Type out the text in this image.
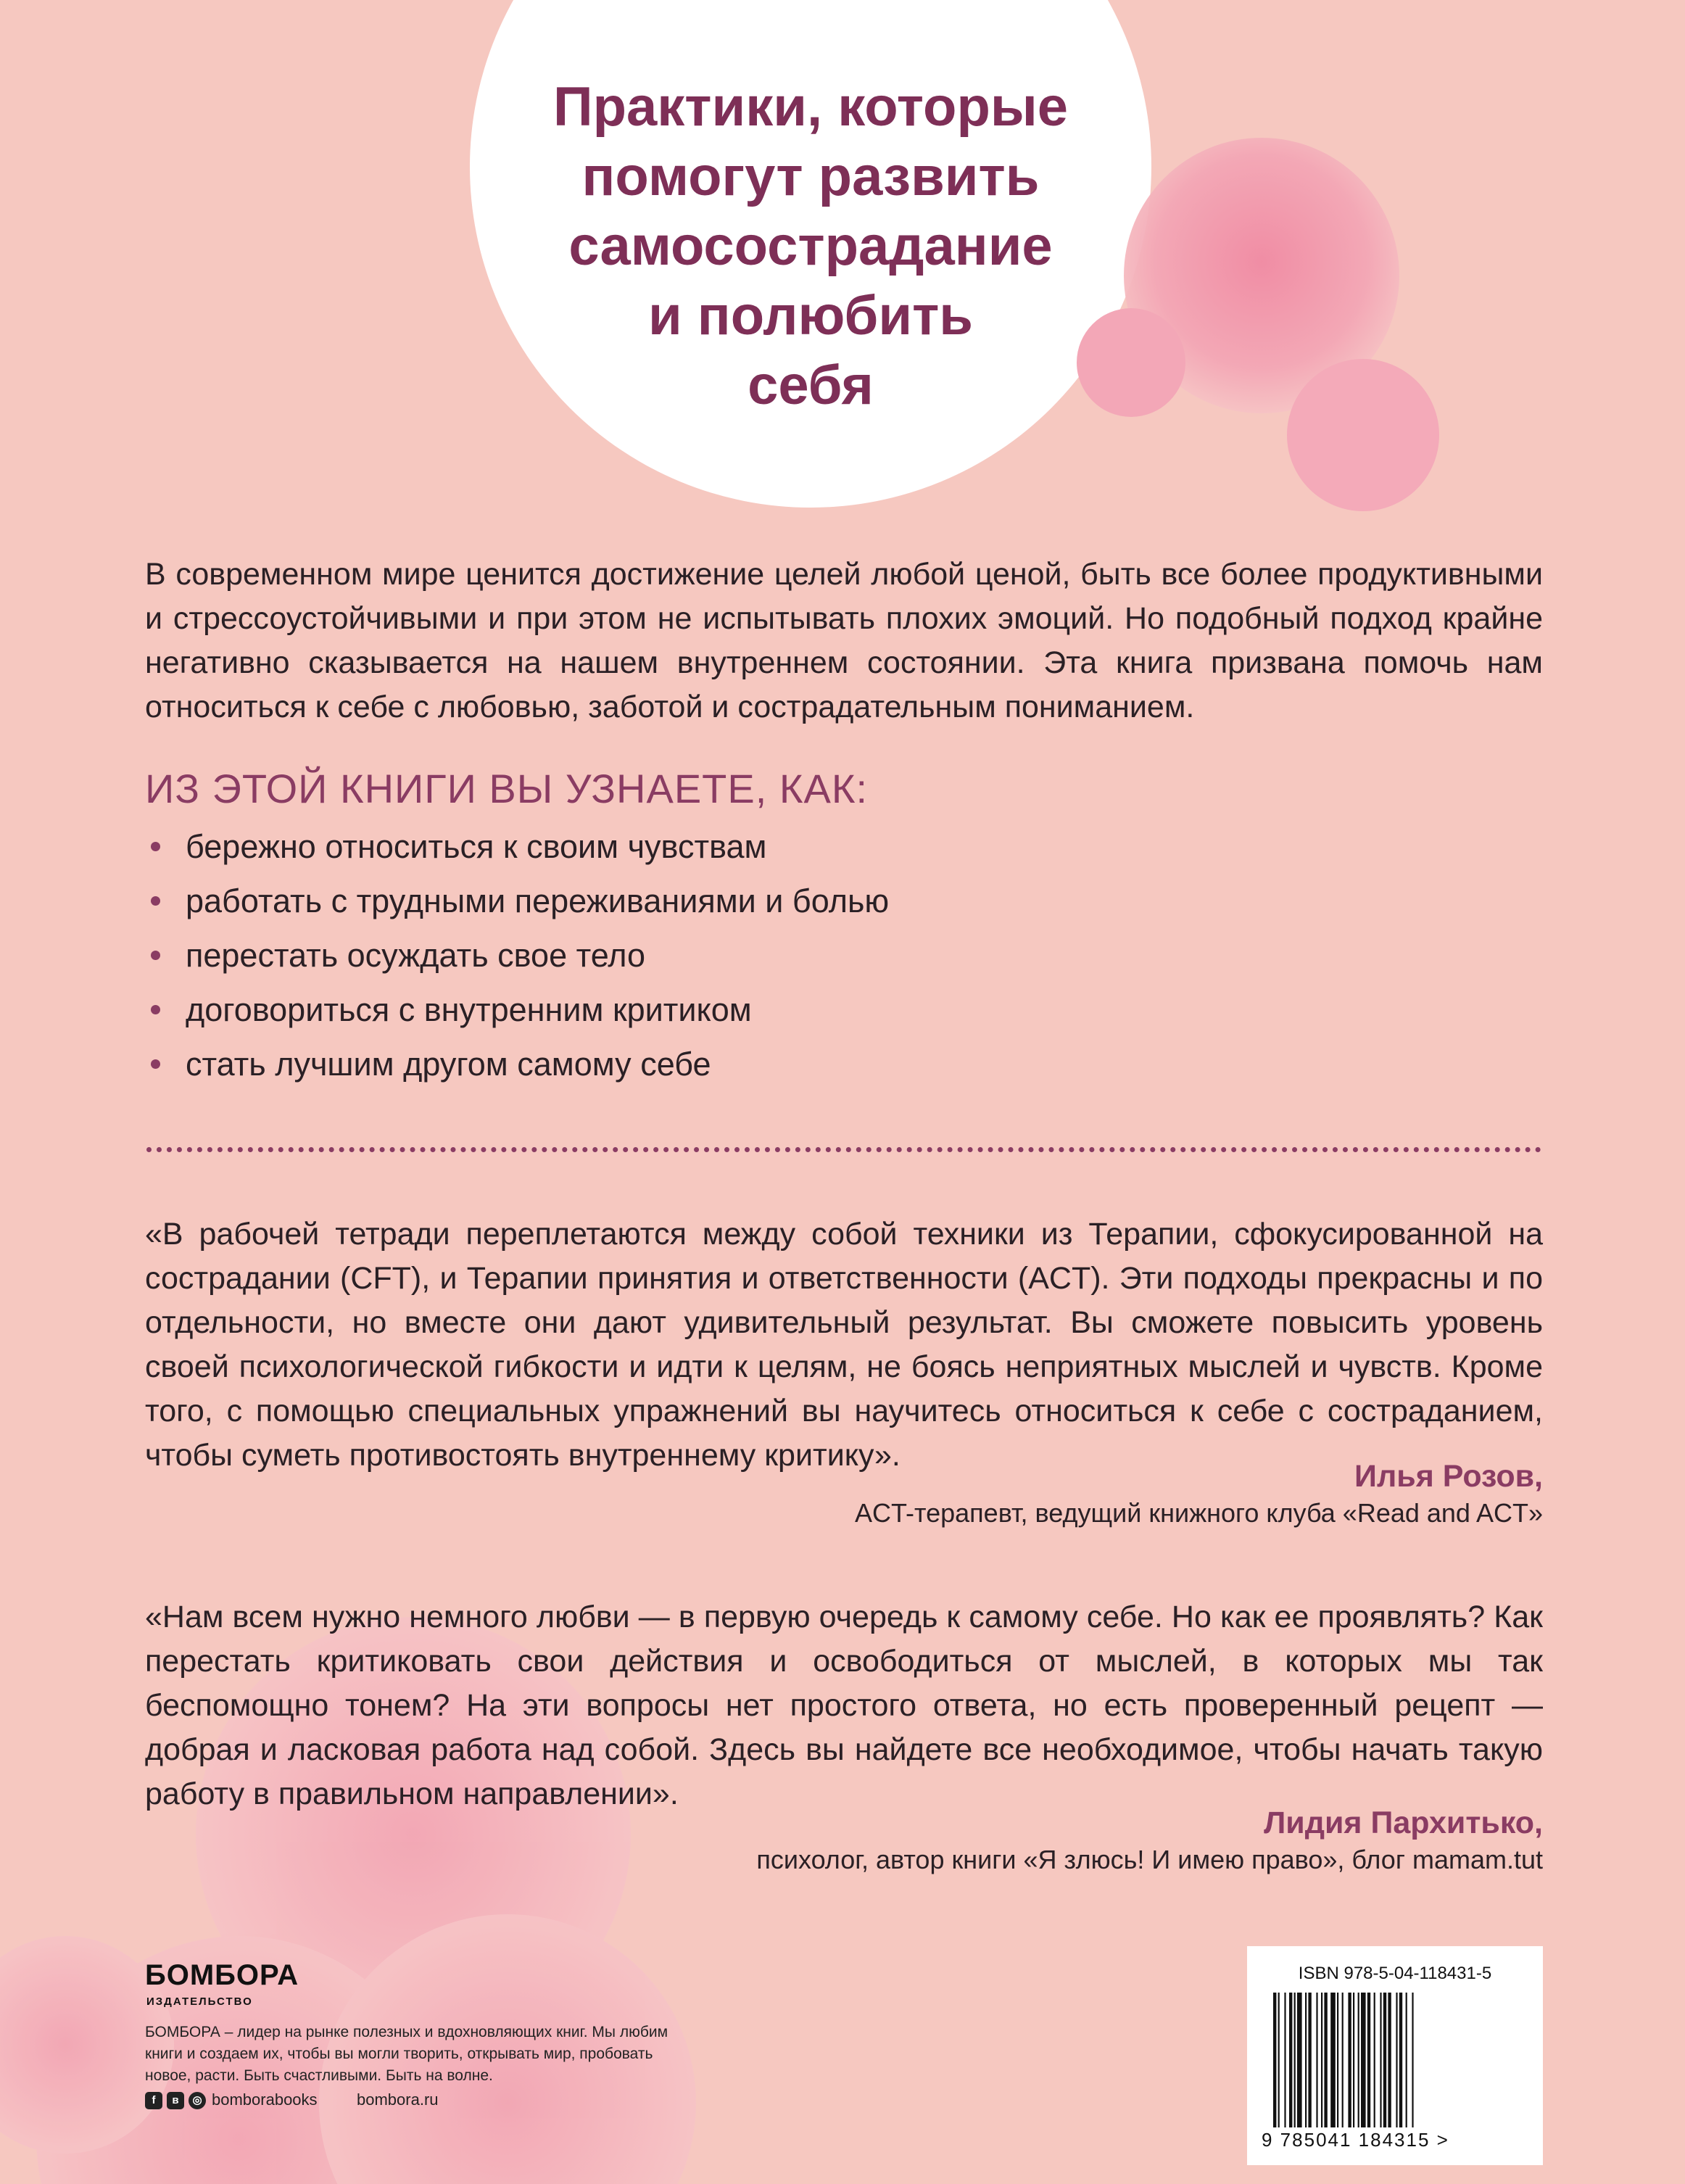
Практики, которые
помогут развить
самосострадание
и полюбить
себя
В современном мире ценится достижение целей любой ценой, быть все более продуктивными и стрессоустойчивыми и при этом не испытывать плохих эмоций. Но подобный подход крайне негативно сказывается на нашем внутреннем состоянии. Эта книга призвана помочь нам относиться к себе с любовью, заботой и сострадательным пониманием.
ИЗ ЭТОЙ КНИГИ ВЫ УЗНАЕТЕ, КАК:
бережно относиться к своим чувствам
работать с трудными переживаниями и болью
перестать осуждать свое тело
договориться с внутренним критиком
стать лучшим другом самому себе
«В рабочей тетради переплетаются между собой техники из Терапии, сфокусированной на сострадании (CFT), и Терапии принятия и ответственности (ACT). Эти подходы прекрасны и по отдельности, но вместе они дают удивительный результат. Вы сможете повысить уровень своей психологической гибкости и идти к целям, не боясь неприятных мыслей и чувств. Кроме того, с помощью специальных упражнений вы научитесь относиться к себе с состраданием, чтобы суметь противостоять внутреннему критику».
Илья Розов,
ACT-терапевт, ведущий книжного клуба «Read and ACT»
«Нам всем нужно немного любви — в первую очередь к самому себе. Но как ее проявлять? Как перестать критиковать свои действия и освободиться от мыслей, в которых мы так беспомощно тонем? На эти вопросы нет простого ответа, но есть проверенный рецепт — добрая и ласковая работа над собой. Здесь вы найдете все необходимое, чтобы начать такую работу в правильном направлении».
Лидия Пархитько,
психолог, автор книги «Я злюсь! И имею право», блог mamam.tut
БОМБОРА
ИЗДАТЕЛЬСТВО
БОМБОРА – лидер на рынке полезных и вдохновляющих книг. Мы любим книги и создаем их, чтобы вы могли творить, открывать мир, пробовать новое, расти. Быть счастливыми. Быть на волне.
f	в	◎ bomborabooks bombora.ru
ISBN 978-5-04-118431-5
9 785041 184315 >
